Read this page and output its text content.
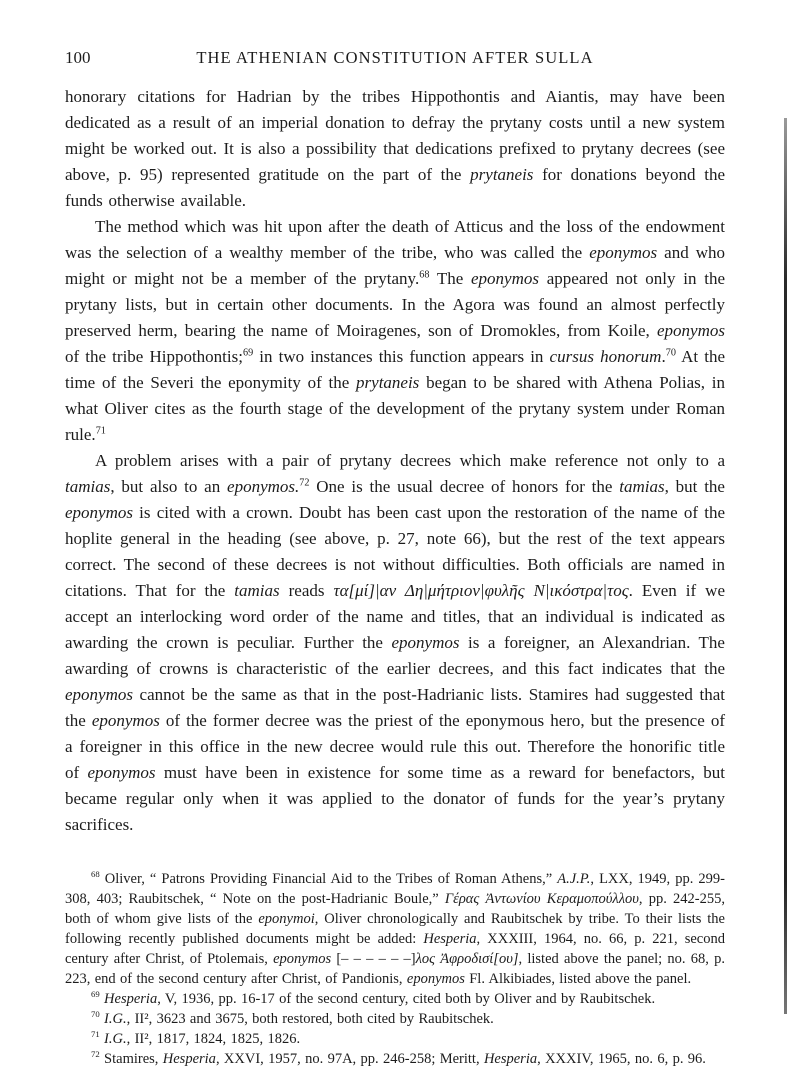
100	THE ATHENIAN CONSTITUTION AFTER SULLA

honorary citations for Hadrian by the tribes Hippothontis and Aiantis, may have been dedicated as a result of an imperial donation to defray the prytany costs until a new system might be worked out. It is also a possibility that dedications prefixed to prytany decrees (see above, p. 95) represented gratitude on the part of the prytaneis for donations beyond the funds otherwise available.

The method which was hit upon after the death of Atticus and the loss of the endowment was the selection of a wealthy member of the tribe, who was called the eponymos and who might or might not be a member of the prytany.$^{68}$ The eponymos appeared not only in the prytany lists, but in certain other documents. In the Agora was found an almost perfectly preserved herm, bearing the name of Moiragenes, son of Dromokles, from Koile, eponymos of the tribe Hippothontis;$^{69}$ in two instances this function appears in cursus honorum.$^{70}$ At the time of the Severi the eponymity of the prytaneis began to be shared with Athena Polias, in what Oliver cites as the fourth stage of the development of the prytany system under Roman rule.$^{71}$

A problem arises with a pair of prytany decrees which make reference not only to a tamias, but also to an eponymos.$^{72}$ One is the usual decree of honors for the tamias, but the eponymos is cited with a crown. Doubt has been cast upon the restoration of the name of the hoplite general in the heading (see above, p. 27, note 66), but the rest of the text appears correct. The second of these decrees is not without difficulties. Both officials are named in citations. That for the tamias reads τα[μί]|αν Δη|μήτριον|φυλῆς Ν|ικόστρα|τος. Even if we accept an interlocking word order of the name and titles, that an individual is indicated as awarding the crown is peculiar. Further the eponymos is a foreigner, an Alexandrian. The awarding of crowns is characteristic of the earlier decrees, and this fact indicates that the eponymos cannot be the same as that in the post-Hadrianic lists. Stamires had suggested that the eponymos of the former decree was the priest of the eponymous hero, but the presence of a foreigner in this office in the new decree would rule this out. Therefore the honorific title of eponymos must have been in existence for some time as a reward for benefactors, but became regular only when it was applied to the donator of funds for the year’s prytany sacrifices.

$^{68}$ Oliver, “ Patrons Providing Financial Aid to the Tribes of Roman Athens,” A.J.P., LXX, 1949, pp. 299-308, 403; Raubitschek, “ Note on the post-Hadrianic Boule,” Γέρας Ἀντωνίου Κεραμοπούλλου, pp. 242-255, both of whom give lists of the eponymoi, Oliver chronologically and Raubitschek by tribe. To their lists the following recently published documents might be added: Hesperia, XXXIII, 1964, no. 66, p. 221, second century after Christ, of Ptolemais, eponymos [– – – – – –]λος Ἀφροδισί[ου], listed above the panel; no. 68, p. 223, end of the second century after Christ, of Pandionis, eponymos Fl. Alkibiades, listed above the panel.

$^{69}$ Hesperia, V, 1936, pp. 16-17 of the second century, cited both by Oliver and by Raubitschek.

$^{70}$ I.G., II², 3623 and 3675, both restored, both cited by Raubitschek.

$^{71}$ I.G., II², 1817, 1824, 1825, 1826.

$^{72}$ Stamires, Hesperia, XXVI, 1957, no. 97A, pp. 246-258; Meritt, Hesperia, XXXIV, 1965, no. 6, p. 96.
